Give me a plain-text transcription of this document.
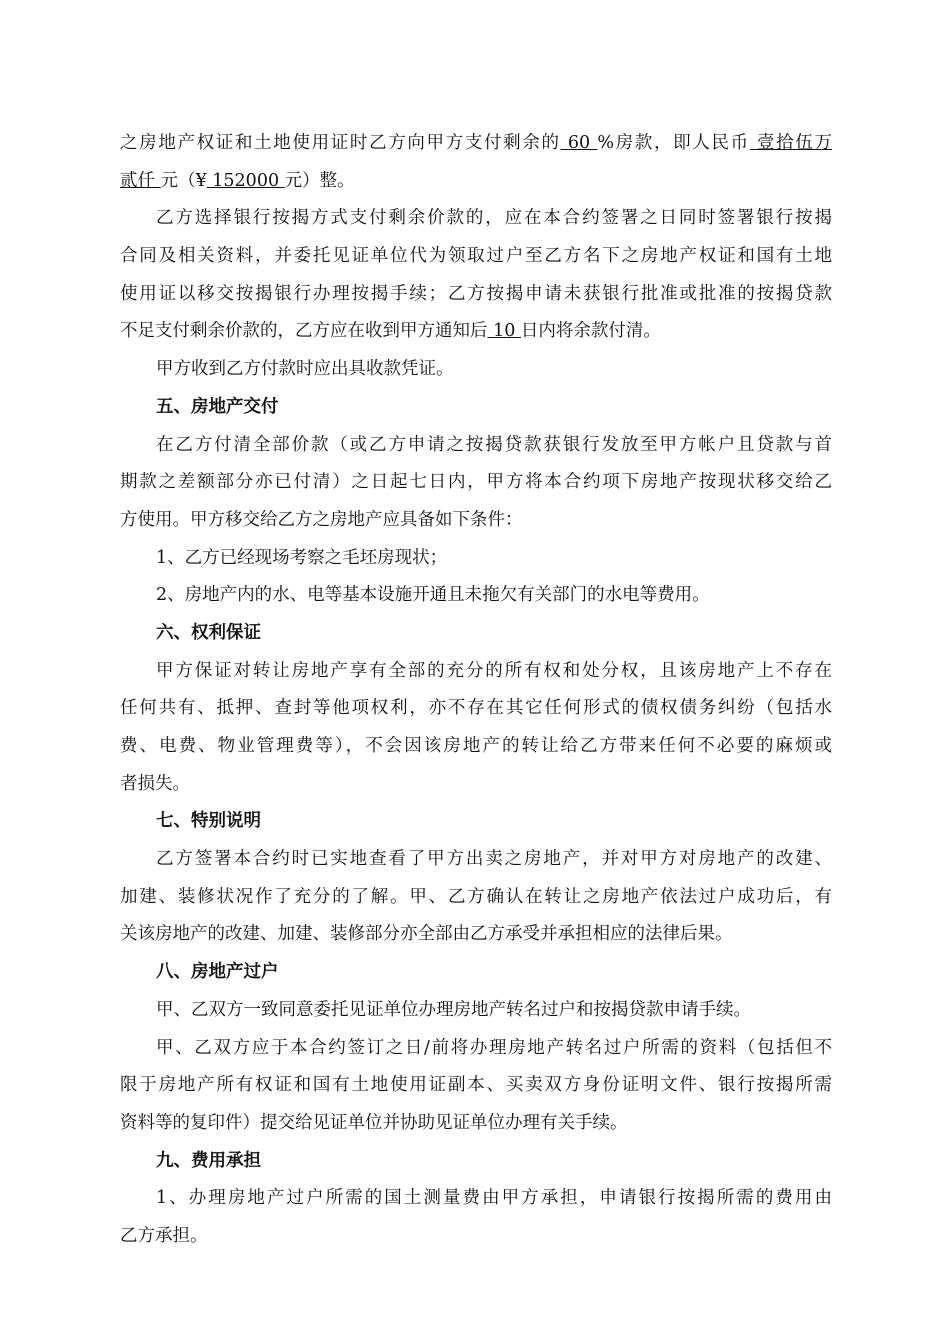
之房地产权证和土地使用证时乙方向甲方支付剩余的 60 %房款，即人民币 壹拾伍万
贰仟 元（¥ 152000 元）整。
乙方选择银行按揭方式支付剩余价款的，应在本合约签署之日同时签署银行按揭
合同及相关资料，并委托见证单位代为领取过户至乙方名下之房地产权证和国有土地
使用证以移交按揭银行办理按揭手续；乙方按揭申请未获银行批准或批准的按揭贷款
不足支付剩余价款的，乙方应在收到甲方通知后 10 日内将余款付清。
甲方收到乙方付款时应出具收款凭证。
五、房地产交付
在乙方付清全部价款（或乙方申请之按揭贷款获银行发放至甲方帐户且贷款与首
期款之差额部分亦已付清）之日起七日内，甲方将本合约项下房地产按现状移交给乙
方使用。甲方移交给乙方之房地产应具备如下条件：
1、乙方已经现场考察之毛坯房现状；
2、房地产内的水、电等基本设施开通且未拖欠有关部门的水电等费用。
六、权利保证
甲方保证对转让房地产享有全部的充分的所有权和处分权，且该房地产上不存在
任何共有、抵押、查封等他项权利，亦不存在其它任何形式的债权债务纠纷（包括水
费、电费、物业管理费等），不会因该房地产的转让给乙方带来任何不必要的麻烦或
者损失。
七、特别说明
乙方签署本合约时已实地查看了甲方出卖之房地产，并对甲方对房地产的改建、
加建、装修状况作了充分的了解。甲、乙方确认在转让之房地产依法过户成功后，有
关该房地产的改建、加建、装修部分亦全部由乙方承受并承担相应的法律后果。
八、房地产过户
甲、乙双方一致同意委托见证单位办理房地产转名过户和按揭贷款申请手续。
甲、乙双方应于本合约签订之日/前将办理房地产转名过户所需的资料（包括但不
限于房地产所有权证和国有土地使用证副本、买卖双方身份证明文件、银行按揭所需
资料等的复印件）提交给见证单位并协助见证单位办理有关手续。
九、费用承担
1、办理房地产过户所需的国土测量费由甲方承担，申请银行按揭所需的费用由
乙方承担。
